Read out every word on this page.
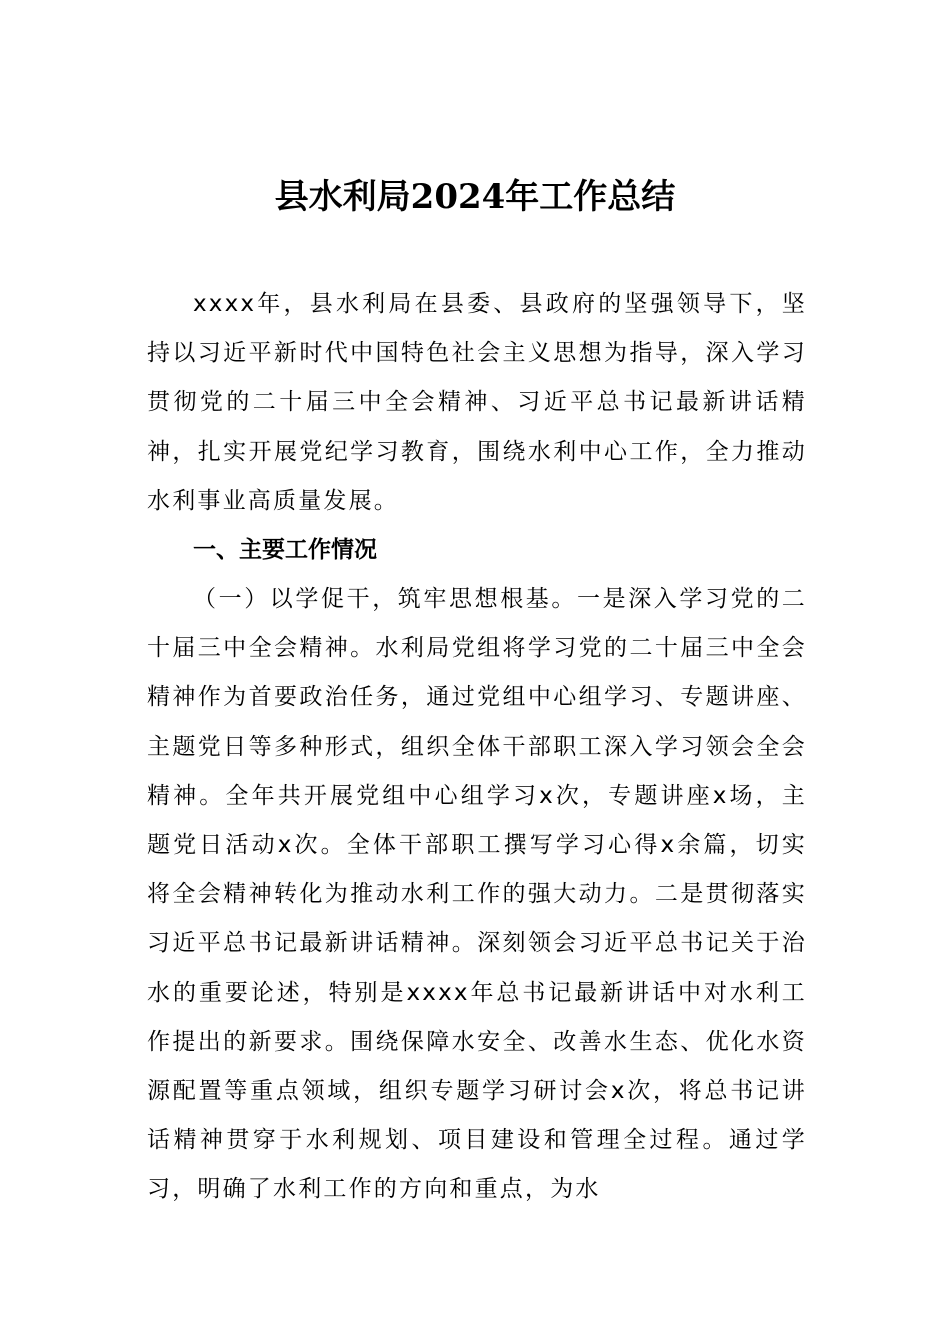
县水利局2024年工作总结

xxxx年，县水利局在县委、县政府的坚强领导下，坚持以习近平新时代中国特色社会主义思想为指导，深入学习贯彻党的二十届三中全会精神、习近平总书记最新讲话精神，扎实开展党纪学习教育，围绕水利中心工作，全力推动水利事业高质量发展。

一、主要工作情况

（一）以学促干，筑牢思想根基。一是深入学习党的二十届三中全会精神。水利局党组将学习党的二十届三中全会精神作为首要政治任务，通过党组中心组学习、专题讲座、主题党日等多种形式，组织全体干部职工深入学习领会全会精神。全年共开展党组中心组学习x次，专题讲座x场，主题党日活动x次。全体干部职工撰写学习心得x余篇，切实将全会精神转化为推动水利工作的强大动力。二是贯彻落实习近平总书记最新讲话精神。深刻领会习近平总书记关于治水的重要论述，特别是xxxx年总书记最新讲话中对水利工作提出的新要求。围绕保障水安全、改善水生态、优化水资源配置等重点领域，组织专题学习研讨会x次，将总书记讲话精神贯穿于水利规划、项目建设和管理全过程。通过学习，明确了水利工作的方向和重点，为水
